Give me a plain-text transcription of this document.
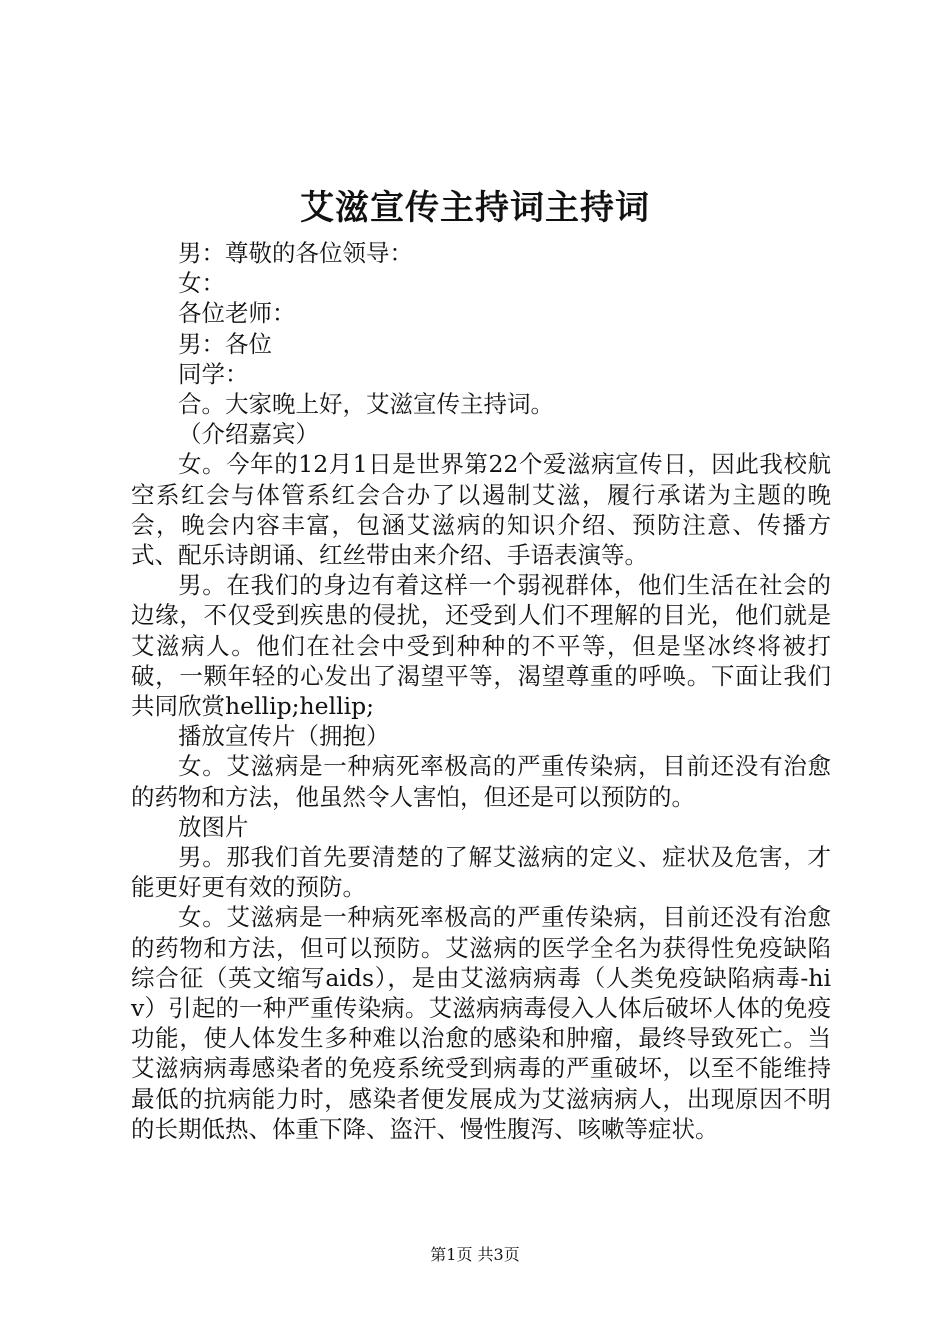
艾滋宣传主持词主持词

男：尊敬的各位领导：

女：

各位老师：

男：各位

同学：

合。大家晚上好，艾滋宣传主持词。

（介绍嘉宾）

女。今年的12月1日是世界第22个爱滋病宣传日，因此我校航空系红会与体管系红会合办了以遏制艾滋，履行承诺为主题的晚会，晚会内容丰富，包涵艾滋病的知识介绍、预防注意、传播方式、配乐诗朗诵、红丝带由来介绍、手语表演等。

男。在我们的身边有着这样一个弱视群体，他们生活在社会的边缘，不仅受到疾患的侵扰，还受到人们不理解的目光，他们就是艾滋病人。他们在社会中受到种种的不平等，但是坚冰终将被打破，一颗年轻的心发出了渴望平等，渴望尊重的呼唤。下面让我们共同欣赏hellip;hellip;

播放宣传片（拥抱）

女。艾滋病是一种病死率极高的严重传染病，目前还没有治愈的药物和方法，他虽然令人害怕，但还是可以预防的。

放图片

男。那我们首先要清楚的了解艾滋病的定义、症状及危害，才能更好更有效的预防。

女。艾滋病是一种病死率极高的严重传染病，目前还没有治愈的药物和方法，但可以预防。艾滋病的医学全名为获得性免疫缺陷综合征（英文缩写aids），是由艾滋病病毒（人类免疫缺陷病毒-hiv）引起的一种严重传染病。艾滋病病毒侵入人体后破坏人体的免疫功能，使人体发生多种难以治愈的感染和肿瘤，最终导致死亡。当艾滋病病毒感染者的免疫系统受到病毒的严重破坏，以至不能维持最低的抗病能力时，感染者便发展成为艾滋病病人，出现原因不明的长期低热、体重下降、盗汗、慢性腹泻、咳嗽等症状。

第1页 共3页
